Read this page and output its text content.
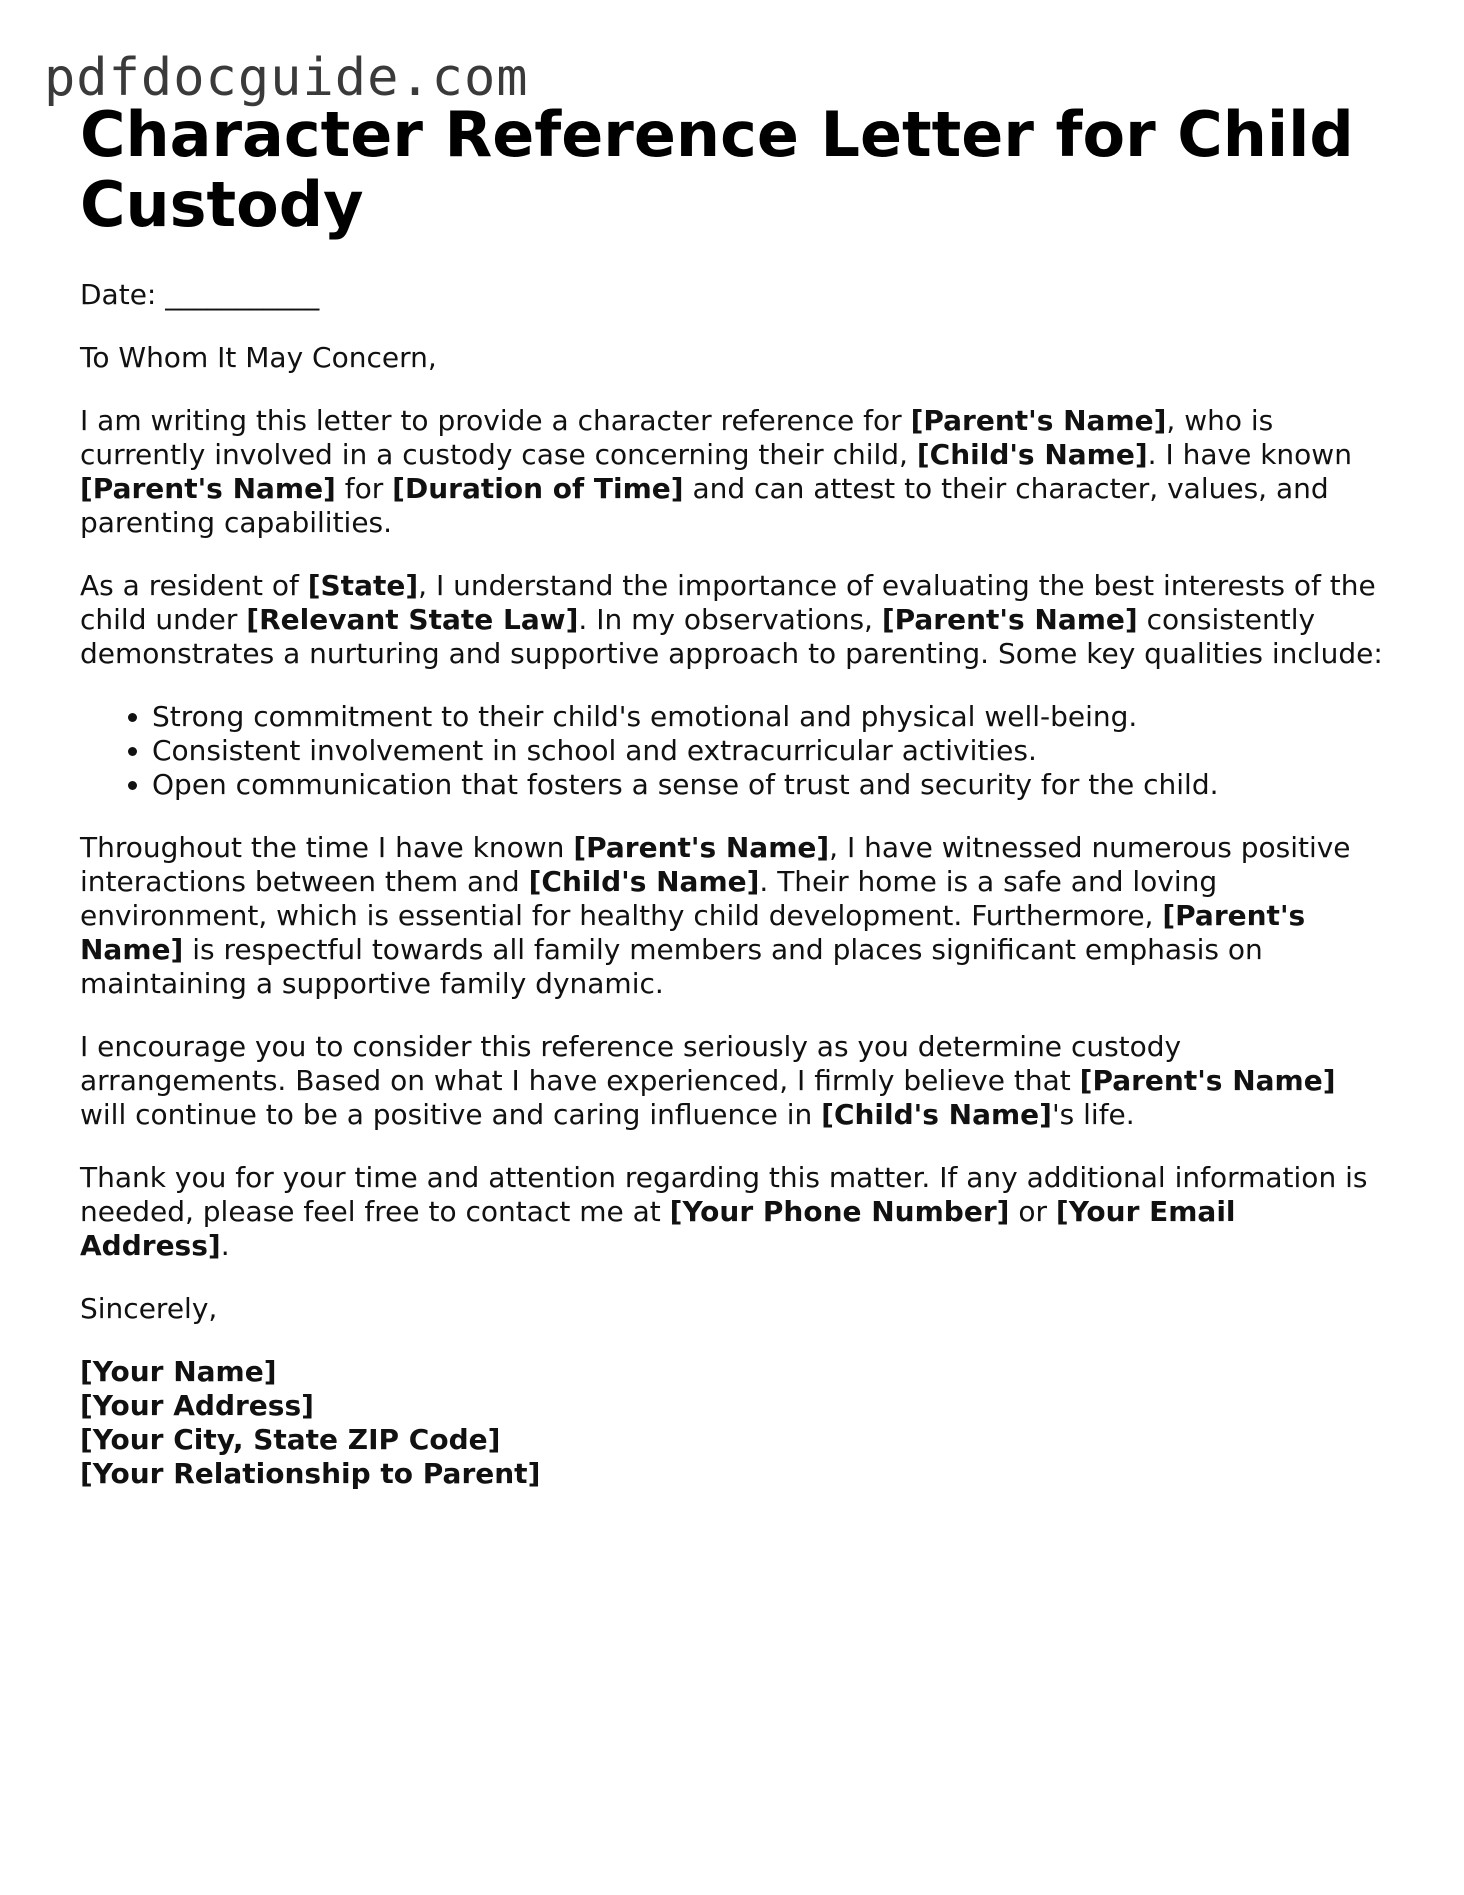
pdfdocguide.com
Character Reference Letter for Child Custody

Date: ___________

To Whom It May Concern,

I am writing this letter to provide a character reference for [Parent's Name], who is currently involved in a custody case concerning their child, [Child's Name]. I have known [Parent's Name] for [Duration of Time] and can attest to their character, values, and parenting capabilities.

As a resident of [State], I understand the importance of evaluating the best interests of the child under [Relevant State Law]. In my observations, [Parent's Name] consistently demonstrates a nurturing and supportive approach to parenting. Some key qualities include:

• Strong commitment to their child's emotional and physical well-being.
• Consistent involvement in school and extracurricular activities.
• Open communication that fosters a sense of trust and security for the child.

Throughout the time I have known [Parent's Name], I have witnessed numerous positive interactions between them and [Child's Name]. Their home is a safe and loving environment, which is essential for healthy child development. Furthermore, [Parent's Name] is respectful towards all family members and places significant emphasis on maintaining a supportive family dynamic.

I encourage you to consider this reference seriously as you determine custody arrangements. Based on what I have experienced, I firmly believe that [Parent's Name] will continue to be a positive and caring influence in [Child's Name]'s life.

Thank you for your time and attention regarding this matter. If any additional information is needed, please feel free to contact me at [Your Phone Number] or [Your Email Address].

Sincerely,

[Your Name]

[Your Address]

[Your City, State ZIP Code]

[Your Relationship to Parent]
